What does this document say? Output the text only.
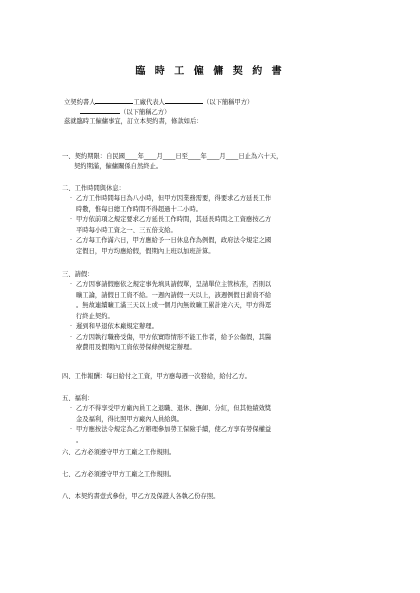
臨 時 工 僱 傭 契 約 書
立契約書人	工廠代表人	（以下簡稱甲方）
（以下簡稱乙方）
茲就臨時工僱傭事宜，訂立本契約書，條款如后：
一、契約期限：自民國____年____月____日至____年____月____日止為六十天，
契約期滿，僱傭關係自然終止。
二、工作時間與休息：
· 乙方工作時間每日為八小時，但甲方因業務需要，得要求乙方延長工作
時數，惟每日總工作時間不得超過十二小時。
· 甲方依前項之規定要求乙方延長工作時間，其延長時間之工資應按乙方
平時每小時工資之一、三五倍支給。
· 乙方每工作滿六日，甲方應給予一日休息作為例假，政府法令規定之國
定假日，甲方均應給假，假期內上班以加班計算。
三、請假：
· 乙方因事請假應依之規定事先填具請假單，呈請單位主管核准，否則以
曠工論，請假日工資不給。一週內請假一天以上，該週例假日薪資不給
。無故連續曠工滿三天以上或一個月內無故曠工累計達六天，甲方得逕
行終止契約。
· 遲到和早退依本廠規定辦理。
· 乙方因執行職務受傷，甲方依實際情形不能工作者，給予公傷假，其醫
療費用及假期內工資依勞保條例規定辦理。
四、工作報酬：每日給付之工資，甲方應每週一次發給，給付乙方。
五、福利：
· 乙方不得享受甲方廠內員工之退職、退休、撫卹、分紅，但其他績效獎
金及福利，得比照甲方廠內人員給與。
· 甲方應按法令規定為乙方辦理參加勞工保險手續，使乙方享有勞保權益
。
六、乙方必須遵守甲方工廠之工作規則。
七、乙方必須遵守甲方工廠之工作規則。
八、本契約書壹式參份，甲乙方及保證人各執乙份存照。
